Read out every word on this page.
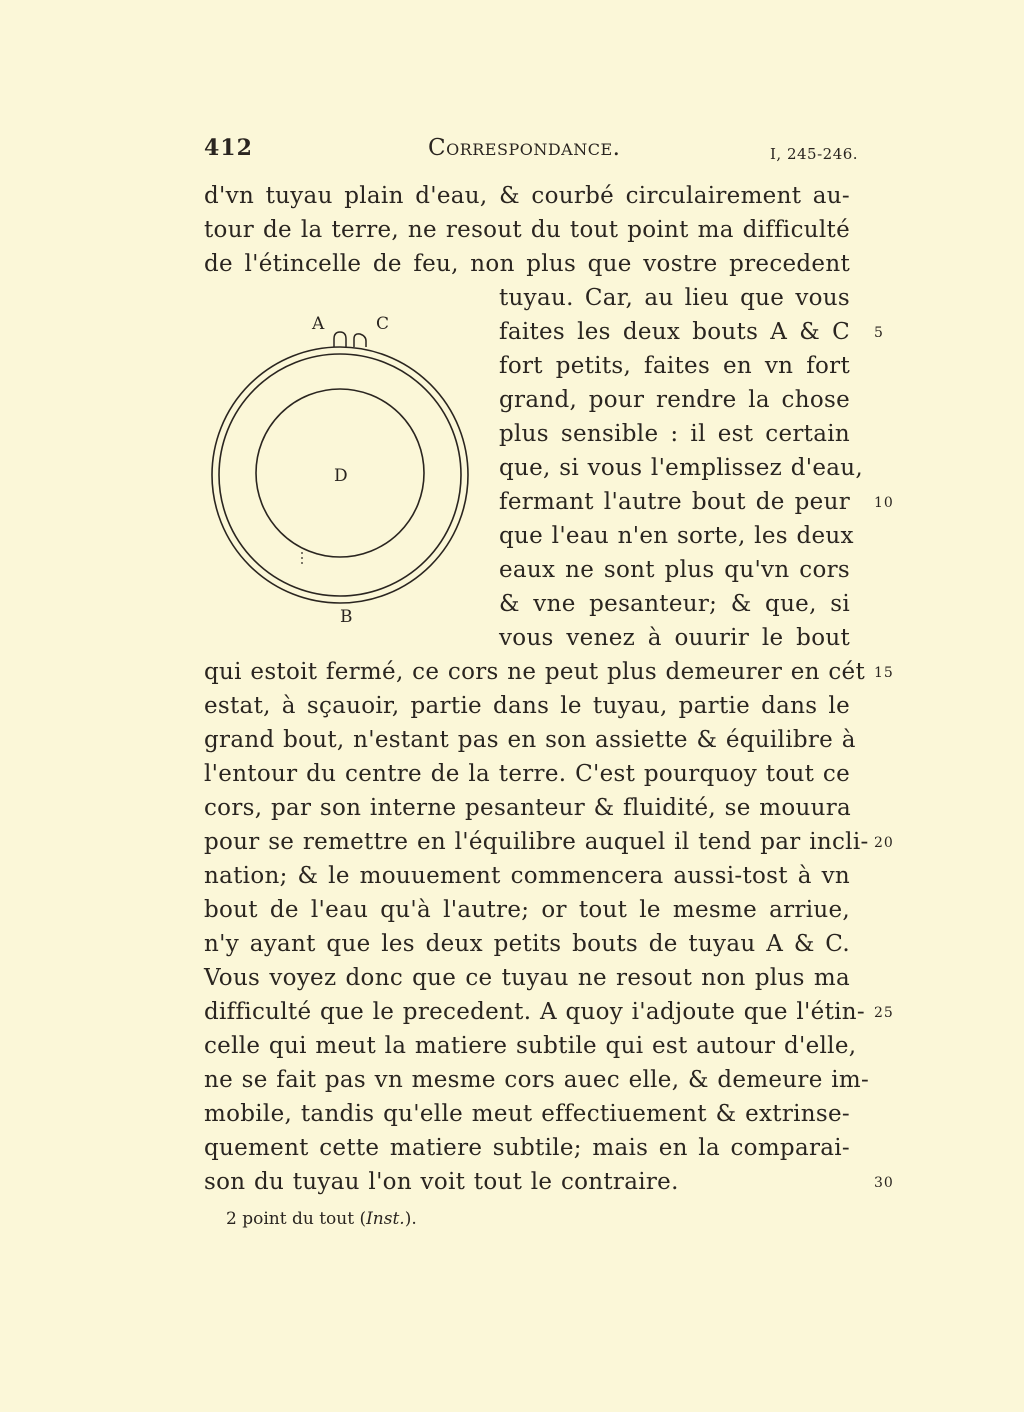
412	Correspondance.	I, 245-246.
A	C
D
B
d'vn tuyau plain d'eau, & courbé circulairement au-
tour de la terre, ne resout du tout point ma difficulté
de l'étincelle de feu, non plus que vostre precedent
tuyau. Car, au lieu que vous
faites les deux bouts A & C
fort petits, faites en vn fort
grand, pour rendre la chose
plus sensible : il est certain
que, si vous l'emplissez d'eau,
fermant l'autre bout de peur
que l'eau n'en sorte, les deux
eaux ne sont plus qu'vn cors
& vne pesanteur; & que, si
vous venez à ouurir le bout
qui estoit fermé, ce cors ne peut plus demeurer en cét
estat, à sçauoir, partie dans le tuyau, partie dans le
grand bout, n'estant pas en son assiette & équilibre à
l'entour du centre de la terre. C'est pourquoy tout ce
cors, par son interne pesanteur & fluidité, se mouura
pour se remettre en l'équilibre auquel il tend par incli-
nation; & le mouuement commencera aussi-tost à vn
bout de l'eau qu'à l'autre; or tout le mesme arriue,
n'y ayant que les deux petits bouts de tuyau A & C.
Vous voyez donc que ce tuyau ne resout non plus ma
difficulté que le precedent. A quoy i'adjoute que l'étin-
celle qui meut la matiere subtile qui est autour d'elle,
ne se fait pas vn mesme cors auec elle, & demeure im-
mobile, tandis qu'elle meut effectiuement & extrinse-
quement cette matiere subtile; mais en la comparai-
son du tuyau l'on voit tout le contraire.
5
10
15
20
25
30
2 point du tout (Inst.).
